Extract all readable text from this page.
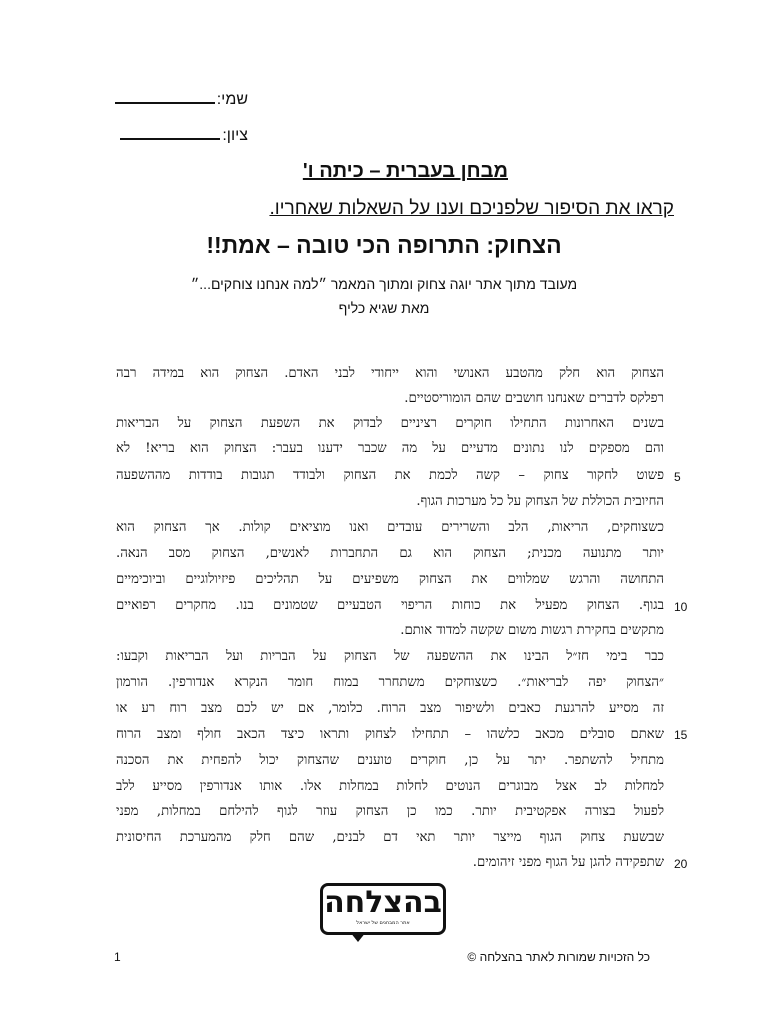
שמי:
ציון:
מבחן בעברית – כיתה ו'
קראו את הסיפור שלפניכם וענו על השאלות שאחריו.
הצחוק: התרופה הכי טובה – אמת!!
מעובד מתוך אתר יוגה צחוק ומתוך המאמר ״למה אנחנו צוחקים...״
מאת שגיא כליף
הצחוק הוא חלק מהטבע האנושי והוא ייחודי לבני האדם. הצחוק הוא במידה רבה
רפלקס לדברים שאנחנו חושבים שהם הומוריסטיים.
בשנים האחרונות התחילו חוקרים רציניים לבדוק את השפעת הצחוק על הבריאות
והם מספקים לנו נתונים מדעיים על מה שכבר ידענו בעבר: הצחוק הוא בריא! לא
פשוט לחקור צחוק – קשה לכמת את הצחוק ולבודד תגובות בודדות מההשפעה
החיובית הכוללת של הצחוק על כל מערכות הגוף.
כשצוחקים, הריאות, הלב והשרירים עובדים ואנו מוציאים קולות. אך הצחוק הוא
יותר מתנועה מכנית; הצחוק הוא גם התחברות לאנשים, הצחוק מסב הנאה.
התחושה והרגש שמלווים את הצחוק משפיעים על תהליכים פיזיולוגיים וביוכימיים
בגוף. הצחוק מפעיל את כוחות הריפוי הטבעיים שטמונים בנו. מחקרים רפואיים
מתקשים בחקירת רגשות משום שקשה למדוד אותם.
כבר בימי חז״ל הבינו את ההשפעה של הצחוק על הבריות ועל הבריאות וקבעו:
״הצחוק יפה לבריאות״. כשצוחקים משתחרר במוח חומר הנקרא אנדורפין. הורמון
זה מסייע להרגעת כאבים ולשיפור מצב הרוח. כלומר, אם יש לכם מצב רוח רע או
שאתם סובלים מכאב כלשהו – תתחילו לצחוק ותראו כיצד הכאב חולף ומצב הרוח
מתחיל להשתפר. יתר על כן, חוקרים טוענים שהצחוק יכול להפחית את הסכנה
למחלות לב אצל מבוגרים הנוטים לחלות במחלות אלו. אותו אנדורפין מסייע ללב
לפעול בצורה אפקטיבית יותר. כמו כן הצחוק עוזר לגוף להילחם במחלות, מפני
שבשעת צחוק הגוף מייצר יותר תאי דם לבנים, שהם חלק מהמערכת החיסונית
שתפקידה להגן על הגוף מפני זיהומים.
5
10
15
20
בהצלחה
אתר המבחנים של ישראל
כל הזכויות שמורות לאתר בהצלחה ©
1
